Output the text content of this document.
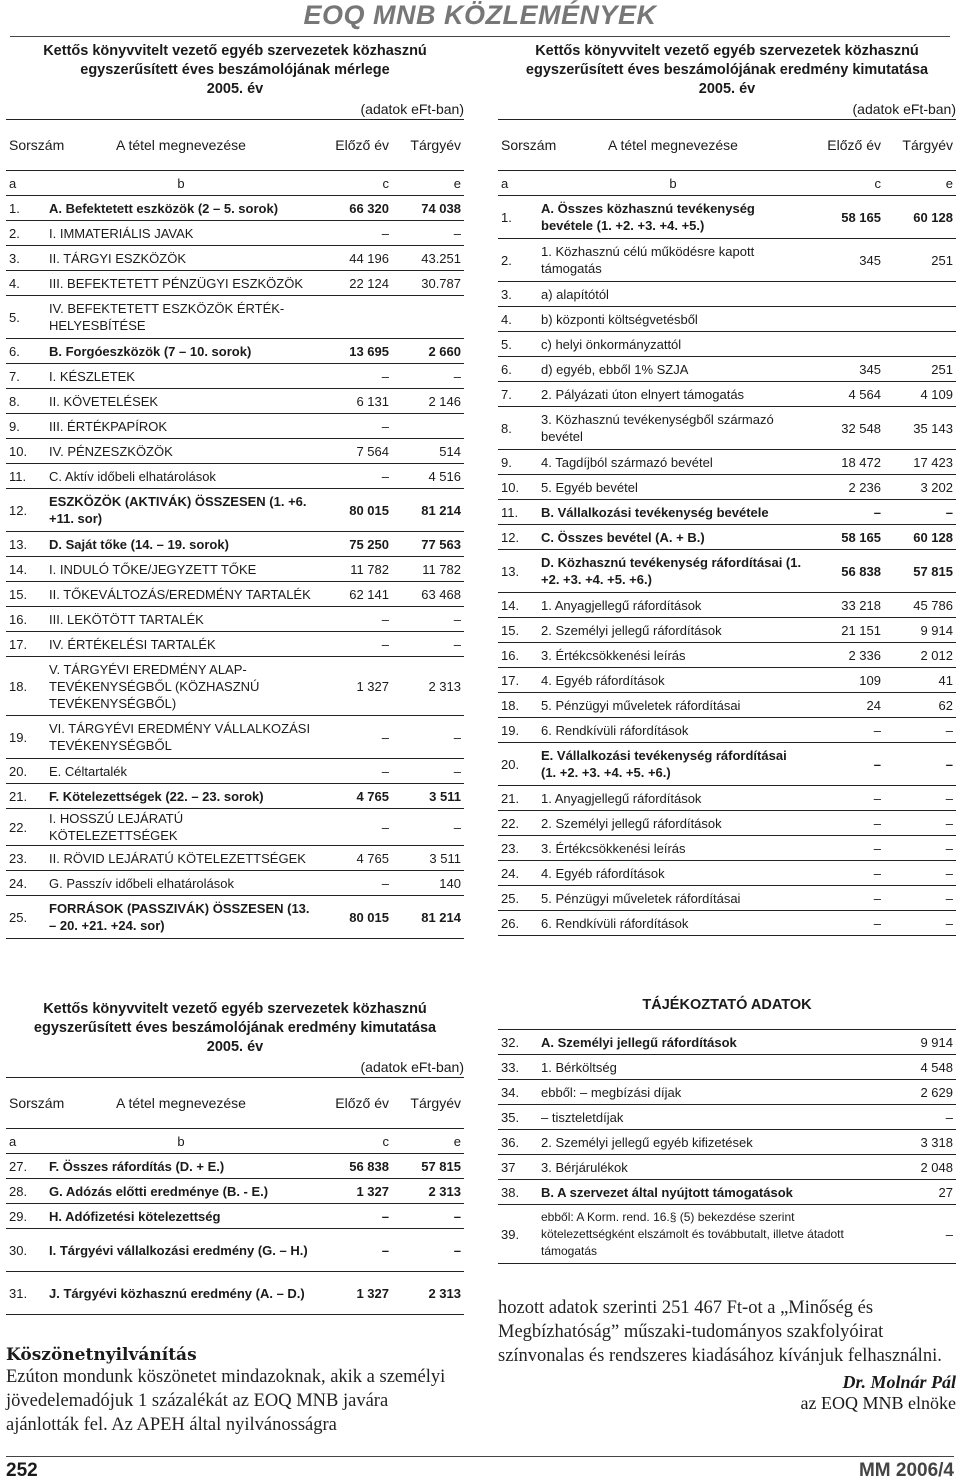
EOQ MNB KÖZLEMÉNYEK
Kettős könyvvitelt vezető egyéb szervezetek közhasznú
egyszerűsített éves beszámolójának mérlege
2005. év
(adatok eFt-ban)
Sorszám	A tétel megnevezése	Előző év	Tárgyév
a	b	c	e
1.	A. Befektetett eszközök (2 – 5. sorok)	66 320	74 038
2.	I. IMMATERIÁLIS JAVAK	–	–
3.	II. TÁRGYI ESZKÖZÖK	44 196	43.251
4.	III. BEFEKTETETT PÉNZÜGYI ESZKÖZÖK	22 124	30.787
5.	IV. BEFEKTETETT ESZKÖZÖK ÉRTÉK-HELYESBÍTÉSE		
6.	B. Forgóeszközök (7 – 10. sorok)	13 695	2 660
7.	I. KÉSZLETEK	–	–
8.	II. KÖVETELÉSEK	6 131	2 146
9.	III. ÉRTÉKPAPÍROK	–	
10.	IV. PÉNZESZKÖZÖK	7 564	514
11.	C. Aktív időbeli elhatárolások	–	4 516
12.	ESZKÖZÖK (AKTIVÁK) ÖSSZESEN (1. +6. +11. sor)	80 015	81 214
13.	D. Saját tőke (14. – 19. sorok)	75 250	77 563
14.	I. INDULÓ TŐKE/JEGYZETT TŐKE	11 782	11 782
15.	II. TŐKEVÁLTOZÁS/EREDMÉNY TARTALÉK	62 141	63 468
16.	III. LEKÖTÖTT TARTALÉK	–	–
17.	IV. ÉRTÉKELÉSI TARTALÉK	–	–
18.	V. TÁRGYÉVI EREDMÉNY ALAP-TEVÉKENYSÉGBŐL (KÖZHASZNÚ TEVÉKENYSÉGBŐL)	1 327	2 313
19.	VI. TÁRGYÉVI EREDMÉNY VÁLLALKOZÁSI TEVÉKENYSÉGBŐL	–	–
20.	E. Céltartalék	–	–
21.	F. Kötelezettségek (22. – 23. sorok)	4 765	3 511
22.	I. HOSSZÚ LEJÁRATÚ KÖTELEZETTSÉGEK	–	–
23.	II. RÖVID LEJÁRATÚ KÖTELEZETTSÉGEK	4 765	3 511
24.	G. Passzív időbeli elhatárolások	–	140
25.	FORRÁSOK (PASSZIVÁK) ÖSSZESEN (13. – 20. +21. +24. sor)	80 015	81 214
Kettős könyvvitelt vezető egyéb szervezetek közhasznú
egyszerűsített éves beszámolójának eredmény kimutatása
2005. év
(adatok eFt-ban)
Sorszám	A tétel megnevezése	Előző év	Tárgyév
a	b	c	e
27.	F. Összes ráfordítás (D. + E.)	56 838	57 815
28.	G. Adózás előtti eredménye (B. - E.)	1 327	2 313
29.	H. Adófizetési kötelezettség	–	–
30.	I. Tárgyévi vállalkozási eredmény (G. – H.)	–	–
31.	J. Tárgyévi közhasznú eredmény (A. – D.)	1 327	2 313
Köszönetnyilvánítás
Ezúton mondunk köszönetet mindazoknak, akik a személyi jövedelemadójuk 1 százalékát az EOQ MNB javára ajánlották fel. Az APEH által nyilvánosságra
Kettős könyvvitelt vezető egyéb szervezetek közhasznú
egyszerűsített éves beszámolójának eredmény kimutatása
2005. év
(adatok eFt-ban)
Sorszám	A tétel megnevezése	Előző év	Tárgyév
a	b	c	e
1.	A. Összes közhasznú tevékenység bevétele (1. +2. +3. +4. +5.)	58 165	60 128
2.	1. Közhasznú célú működésre kapott támogatás	345	251
3.	a) alapítótól		
4.	b) központi költségvetésből		
5.	c) helyi önkormányzattól		
6.	d) egyéb, ebből 1% SZJA	345	251
7.	2. Pályázati úton elnyert támogatás	4 564	4 109
8.	3. Közhasznú tevékenységből származó bevétel	32 548	35 143
9.	4. Tagdíjból származó bevétel	18 472	17 423
10.	5. Egyéb bevétel	2 236	3 202
11.	B. Vállalkozási tevékenység bevétele	–	–
12.	C. Összes bevétel (A. + B.)	58 165	60 128
13.	D. Közhasznú tevékenység ráfordításai (1. +2. +3. +4. +5. +6.)	56 838	57 815
14.	1. Anyagjellegű ráfordítások	33 218	45 786
15.	2. Személyi jellegű ráfordítások	21 151	9 914
16.	3. Értékcsökkenési leírás	2 336	2 012
17.	4. Egyéb ráfordítások	109	41
18.	5. Pénzügyi műveletek ráfordításai	24	62
19.	6. Rendkívüli ráfordítások	–	–
20.	E. Vállalkozási tevékenység ráfordításai (1. +2. +3. +4. +5. +6.)	–	–
21.	1. Anyagjellegű ráfordítások	–	–
22.	2. Személyi jellegű ráfordítások	–	–
23.	3. Értékcsökkenési leírás	–	–
24.	4. Egyéb ráfordítások	–	–
25.	5. Pénzügyi műveletek ráfordításai	–	–
26.	6. Rendkívüli ráfordítások	–	–
TÁJÉKOZTATÓ ADATOK
32.	A. Személyi jellegű ráfordítások	9 914
33.	1. Bérköltség	4 548
34.	ebből: – megbízási díjak	2 629
35.	– tiszteletdíjak	–
36.	2. Személyi jellegű egyéb kifizetések	3 318
37	3. Bérjárulékok	2 048
38.	B. A szervezet által nyújtott támogatások	27
39.	ebből: A Korm. rend. 16.§ (5) bekezdése szerint kötelezettségként elszámolt és továbbutalt, illetve átadott támogatás	–
hozott adatok szerinti 251 467 Ft-ot a „Minőség és Megbízhatóság” műszaki-tudományos szakfolyóirat színvonalas és rendszeres kiadásához kívánjuk felhasználni.
Dr. Molnár Pál
az EOQ MNB elnöke
252	MM 2006/4
